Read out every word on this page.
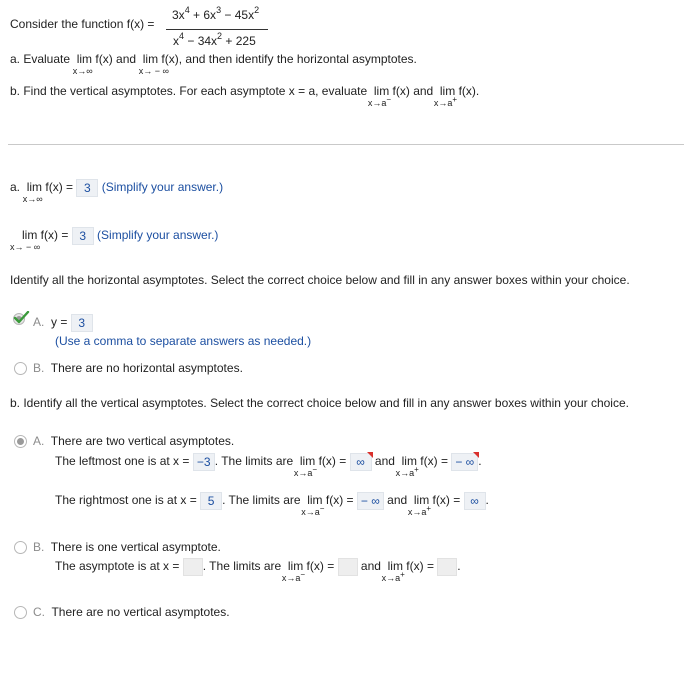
Consider the function f(x) =
$3x^4 + 6x^3 - 45x^2$
$x^4 - 34x^2 + 225$
a. Evaluate lim
x→∞
f(x) and lim
x→ − ∞
f(x), and then identify the horizontal asymptotes.
b. Find the vertical asymptotes. For each asymptote x = a, evaluate lim
x→a−
f(x) and lim
x→a+
f(x).
a. lim
x→∞
f(x) = 3 (Simplify your answer.)
lim
x→ − ∞
f(x) = 3 (Simplify your answer.)
Identify all the horizontal asymptotes. Select the correct choice below and fill in any answer boxes within your choice.
A. y = 3
(Use a comma to separate answers as needed.)
B. There are no horizontal asymptotes.
b. Identify all the vertical asymptotes. Select the correct choice below and fill in any answer boxes within your choice.
A. There are two vertical asymptotes.
The leftmost one is at x = −3 . The limits are lim
x→a−
f(x) = ∞ and lim
x→a+
f(x) = − ∞ .
The rightmost one is at x = 5 . The limits are lim
x→a−
f(x) = − ∞ and lim
x→a+
f(x) = ∞ .
B. There is one vertical asymptote.
The asymptote is at x = . The limits are lim
x→a−
f(x) = and lim
x→a+
f(x) = .
C. There are no vertical asymptotes.
